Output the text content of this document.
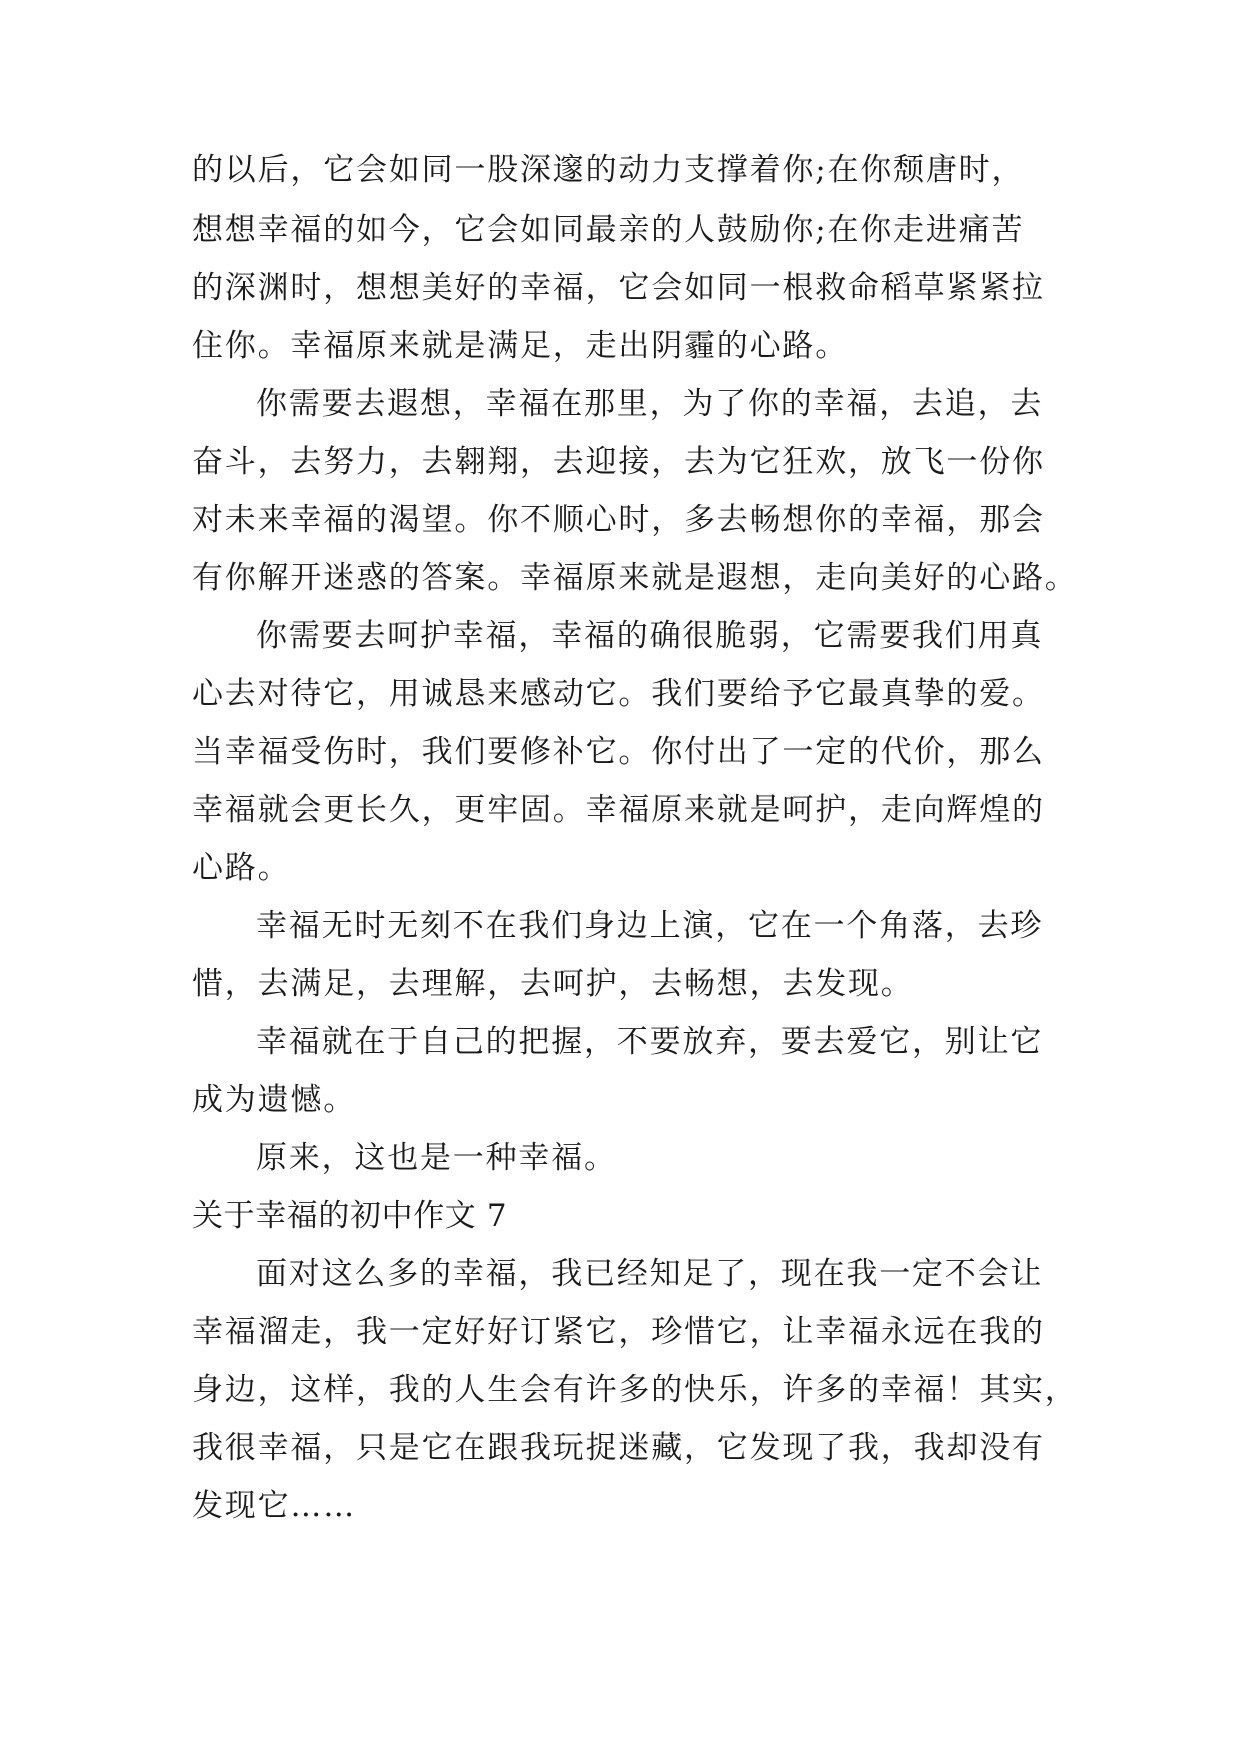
的以后，它会如同一股深邃的动力支撑着你;在你颓唐时，

想想幸福的如今，它会如同最亲的人鼓励你;在你走进痛苦

的深渊时，想想美好的幸福，它会如同一根救命稻草紧紧拉

住你。幸福原来就是满足，走出阴霾的心路。

你需要去遐想，幸福在那里，为了你的幸福，去追，去

奋斗，去努力，去翱翔，去迎接，去为它狂欢，放飞一份你

对未来幸福的渴望。你不顺心时，多去畅想你的幸福，那会

有你解开迷惑的答案。幸福原来就是遐想，走向美好的心路。

你需要去呵护幸福，幸福的确很脆弱，它需要我们用真

心去对待它，用诚恳来感动它。我们要给予它最真挚的爱。

当幸福受伤时，我们要修补它。你付出了一定的代价，那么

幸福就会更长久，更牢固。幸福原来就是呵护，走向辉煌的

心路。

幸福无时无刻不在我们身边上演，它在一个角落，去珍

惜，去满足，去理解，去呵护，去畅想，去发现。

幸福就在于自己的把握，不要放弃，要去爱它，别让它

成为遗憾。

原来，这也是一种幸福。

关于幸福的初中作文 7

面对这么多的幸福，我已经知足了，现在我一定不会让

幸福溜走，我一定好好订紧它，珍惜它，让幸福永远在我的

身边，这样，我的人生会有许多的快乐，许多的幸福！其实，

我很幸福，只是它在跟我玩捉迷藏，它发现了我，我却没有

发现它……
